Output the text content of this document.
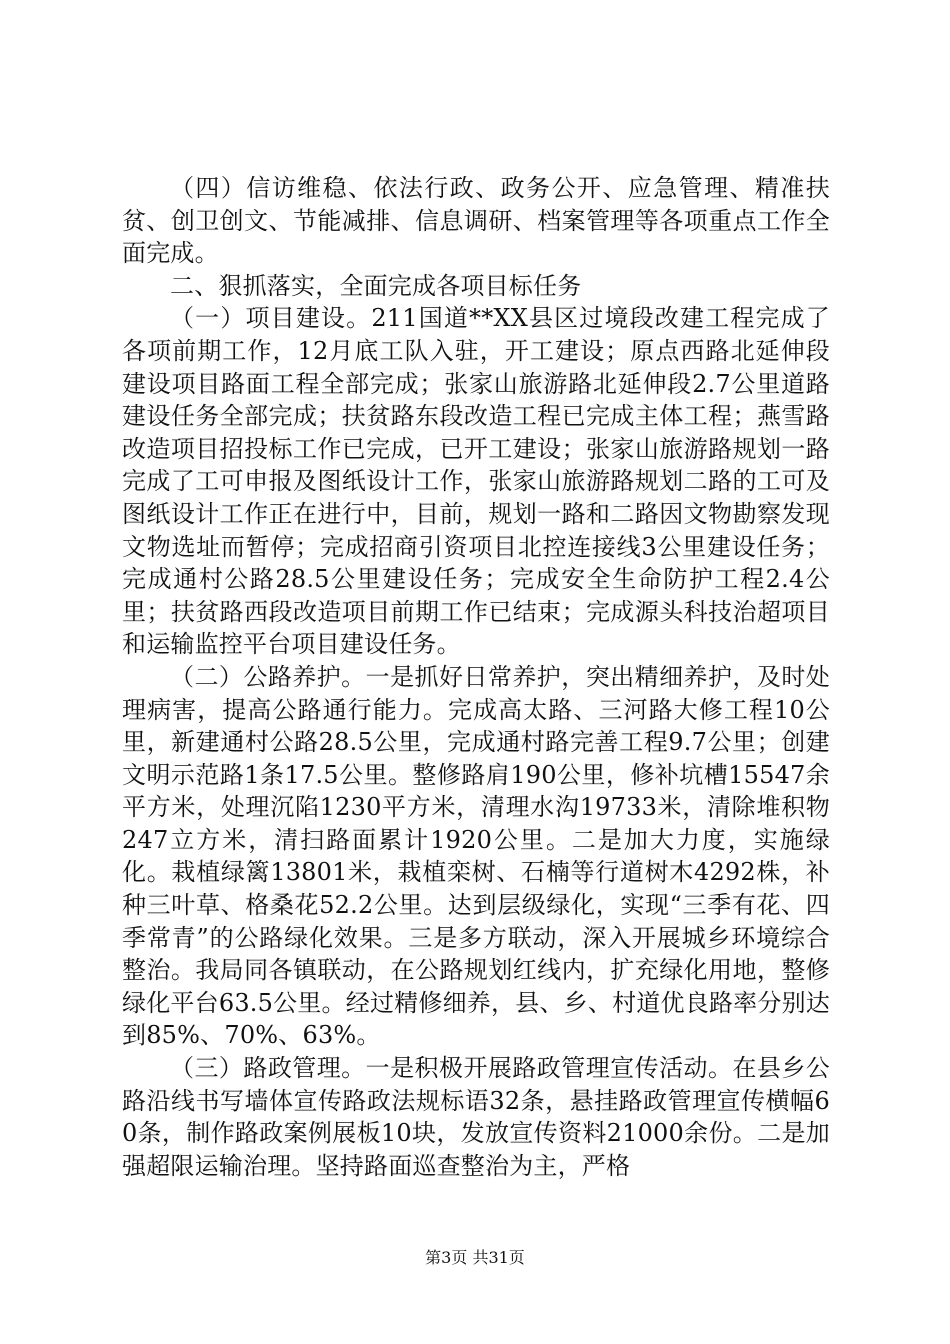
（四）信访维稳、依法行政、政务公开、应急管理、精准扶贫、创卫创文、节能减排、信息调研、档案管理等各项重点工作全面完成。

二、狠抓落实，全面完成各项目标任务

（一）项目建设。211国道**XX县区过境段改建工程完成了各项前期工作，12月底工队入驻，开工建设；原点西路北延伸段建设项目路面工程全部完成；张家山旅游路北延伸段2.7公里道路建设任务全部完成；扶贫路东段改造工程已完成主体工程；燕雪路改造项目招投标工作已完成，已开工建设；张家山旅游路规划一路完成了工可申报及图纸设计工作，张家山旅游路规划二路的工可及图纸设计工作正在进行中，目前，规划一路和二路因文物勘察发现文物选址而暂停；完成招商引资项目北控连接线3公里建设任务；完成通村公路28.5公里建设任务；完成安全生命防护工程2.4公里；扶贫路西段改造项目前期工作已结束；完成源头科技治超项目和运输监控平台项目建设任务。

（二）公路养护。一是抓好日常养护，突出精细养护，及时处理病害，提高公路通行能力。完成高太路、三河路大修工程10公里，新建通村公路28.5公里，完成通村路完善工程9.7公里；创建文明示范路1条17.5公里。整修路肩190公里，修补坑槽15547余平方米，处理沉陷1230平方米，清理水沟19733米，清除堆积物247立方米，清扫路面累计1920公里。二是加大力度，实施绿化。栽植绿篱13801米，栽植栾树、石楠等行道树木4292株，补种三叶草、格桑花52.2公里。达到层级绿化，实现“三季有花、四季常青”的公路绿化效果。三是多方联动，深入开展城乡环境综合整治。我局同各镇联动，在公路规划红线内，扩充绿化用地，整修绿化平台63.5公里。经过精修细养，县、乡、村道优良路率分别达到85%、70%、63%。

（三）路政管理。一是积极开展路政管理宣传活动。在县乡公路沿线书写墙体宣传路政法规标语32条，悬挂路政管理宣传横幅60条，制作路政案例展板10块，发放宣传资料21000余份。二是加强超限运输治理。坚持路面巡查整治为主，严格

第3页 共31页
